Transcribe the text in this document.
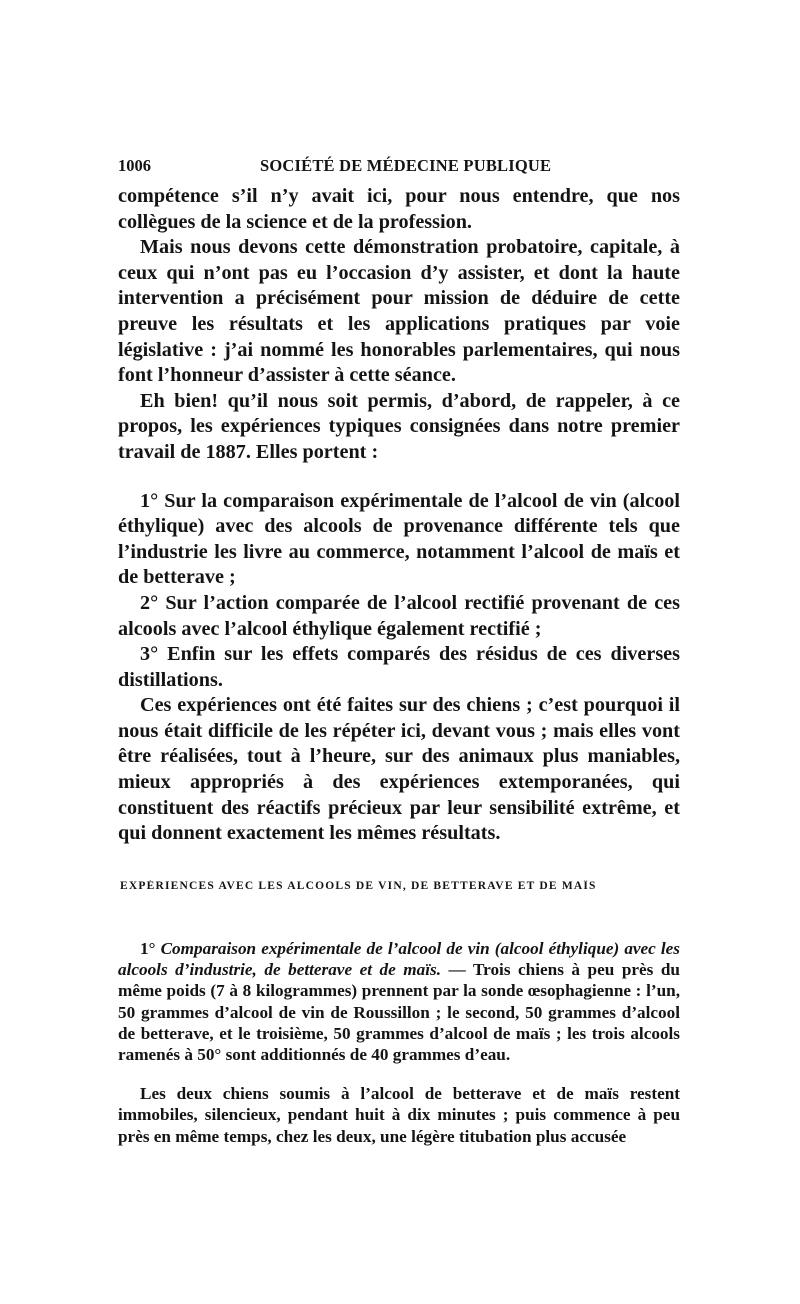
1006	SOCIÉTÉ DE MÉDECINE PUBLIQUE

compétence s’il n’y avait ici, pour nous entendre, que nos collègues de la science et de la profession.

Mais nous devons cette démonstration probatoire, capitale, à ceux qui n’ont pas eu l’occasion d’y assister, et dont la haute intervention a précisément pour mission de déduire de cette preuve les résultats et les applications pratiques par voie législative : j’ai nommé les honorables parlementaires, qui nous font l’honneur d’assister à cette séance.

Eh bien! qu’il nous soit permis, d’abord, de rappeler, à ce propos, les expériences typiques consignées dans notre premier travail de 1887. Elles portent :

1° Sur la comparaison expérimentale de l’alcool de vin (alcool éthylique) avec des alcools de provenance différente tels que l’industrie les livre au commerce, notamment l’alcool de maïs et de betterave ;

2° Sur l’action comparée de l’alcool rectifié provenant de ces alcools avec l’alcool éthylique également rectifié ;

3° Enfin sur les effets comparés des résidus de ces diverses distillations.

Ces expériences ont été faites sur des chiens ; c’est pourquoi il nous était difficile de les répéter ici, devant vous ; mais elles vont être réalisées, tout à l’heure, sur des animaux plus maniables, mieux appropriés à des expériences extemporanées, qui constituent des réactifs précieux par leur sensibilité extrême, et qui donnent exactement les mêmes résultats.

EXPÉRIENCES AVEC LES ALCOOLS DE VIN, DE BETTERAVE ET DE MAÏS

1° Comparaison expérimentale de l’alcool de vin (alcool éthylique) avec les alcools d’industrie, de betterave et de maïs. — Trois chiens à peu près du même poids (7 à 8 kilogrammes) prennent par la sonde œsophagienne : l’un, 50 grammes d’alcool de vin de Roussillon ; le second, 50 grammes d’alcool de betterave, et le troisième, 50 grammes d’alcool de maïs ; les trois alcools ramenés à 50° sont additionnés de 40 grammes d’eau.

Les deux chiens soumis à l’alcool de betterave et de maïs restent immobiles, silencieux, pendant huit à dix minutes ; puis commence à peu près en même temps, chez les deux, une légère titubation plus accusée
